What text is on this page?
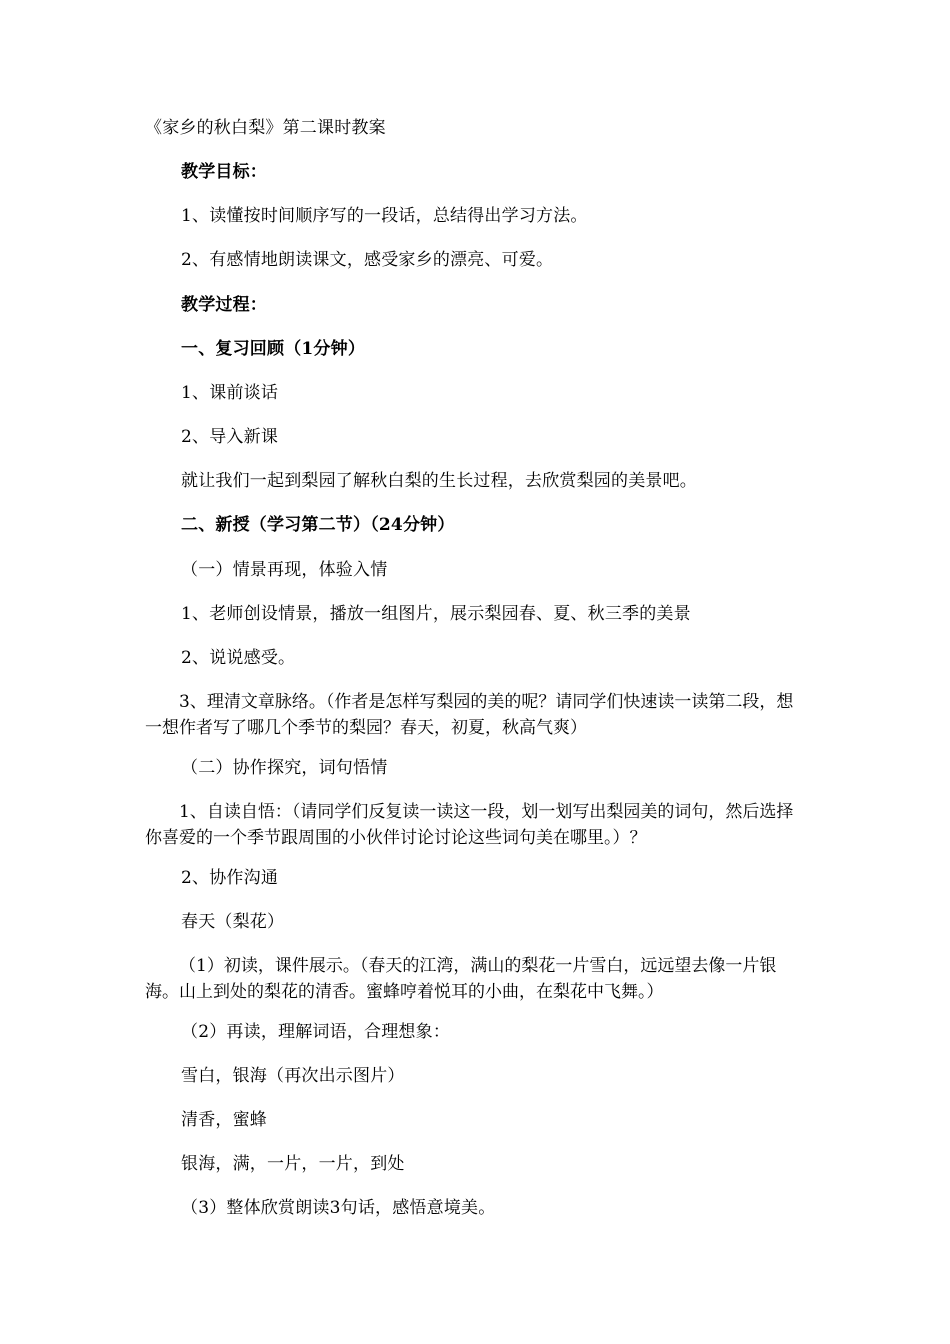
《家乡的秋白梨》第二课时教案
教学目标：
1、读懂按时间顺序写的一段话，总结得出学习方法。
2、有感情地朗读课文，感受家乡的漂亮、可爱。
教学过程：
一、复习回顾（1分钟）
1、课前谈话
2、导入新课
就让我们一起到梨园了解秋白梨的生长过程，去欣赏梨园的美景吧。
二、新授（学习第二节）（24分钟）
（一）情景再现，体验入情
1、老师创设情景，播放一组图片，展示梨园春、夏、秋三季的美景
2、说说感受。
3、理清文章脉络。（作者是怎样写梨园的美的呢？请同学们快速读一读第二段，想一想作者写了哪几个季节的梨园？春天，初夏，秋高气爽）
（二）协作探究，词句悟情
1、自读自悟：（请同学们反复读一读这一段，划一划写出梨园美的词句，然后选择你喜爱的一个季节跟周围的小伙伴讨论讨论这些词句美在哪里。）？
2、协作沟通
春天（梨花）
（1）初读，课件展示。（春天的江湾，满山的梨花一片雪白，远远望去像一片银海。山上到处的梨花的清香。蜜蜂哼着悦耳的小曲，在梨花中飞舞。）
（2）再读，理解词语，合理想象：
雪白，银海（再次出示图片）
清香，蜜蜂
银海，满，一片，一片，到处
（3）整体欣赏朗读3句话，感悟意境美。
